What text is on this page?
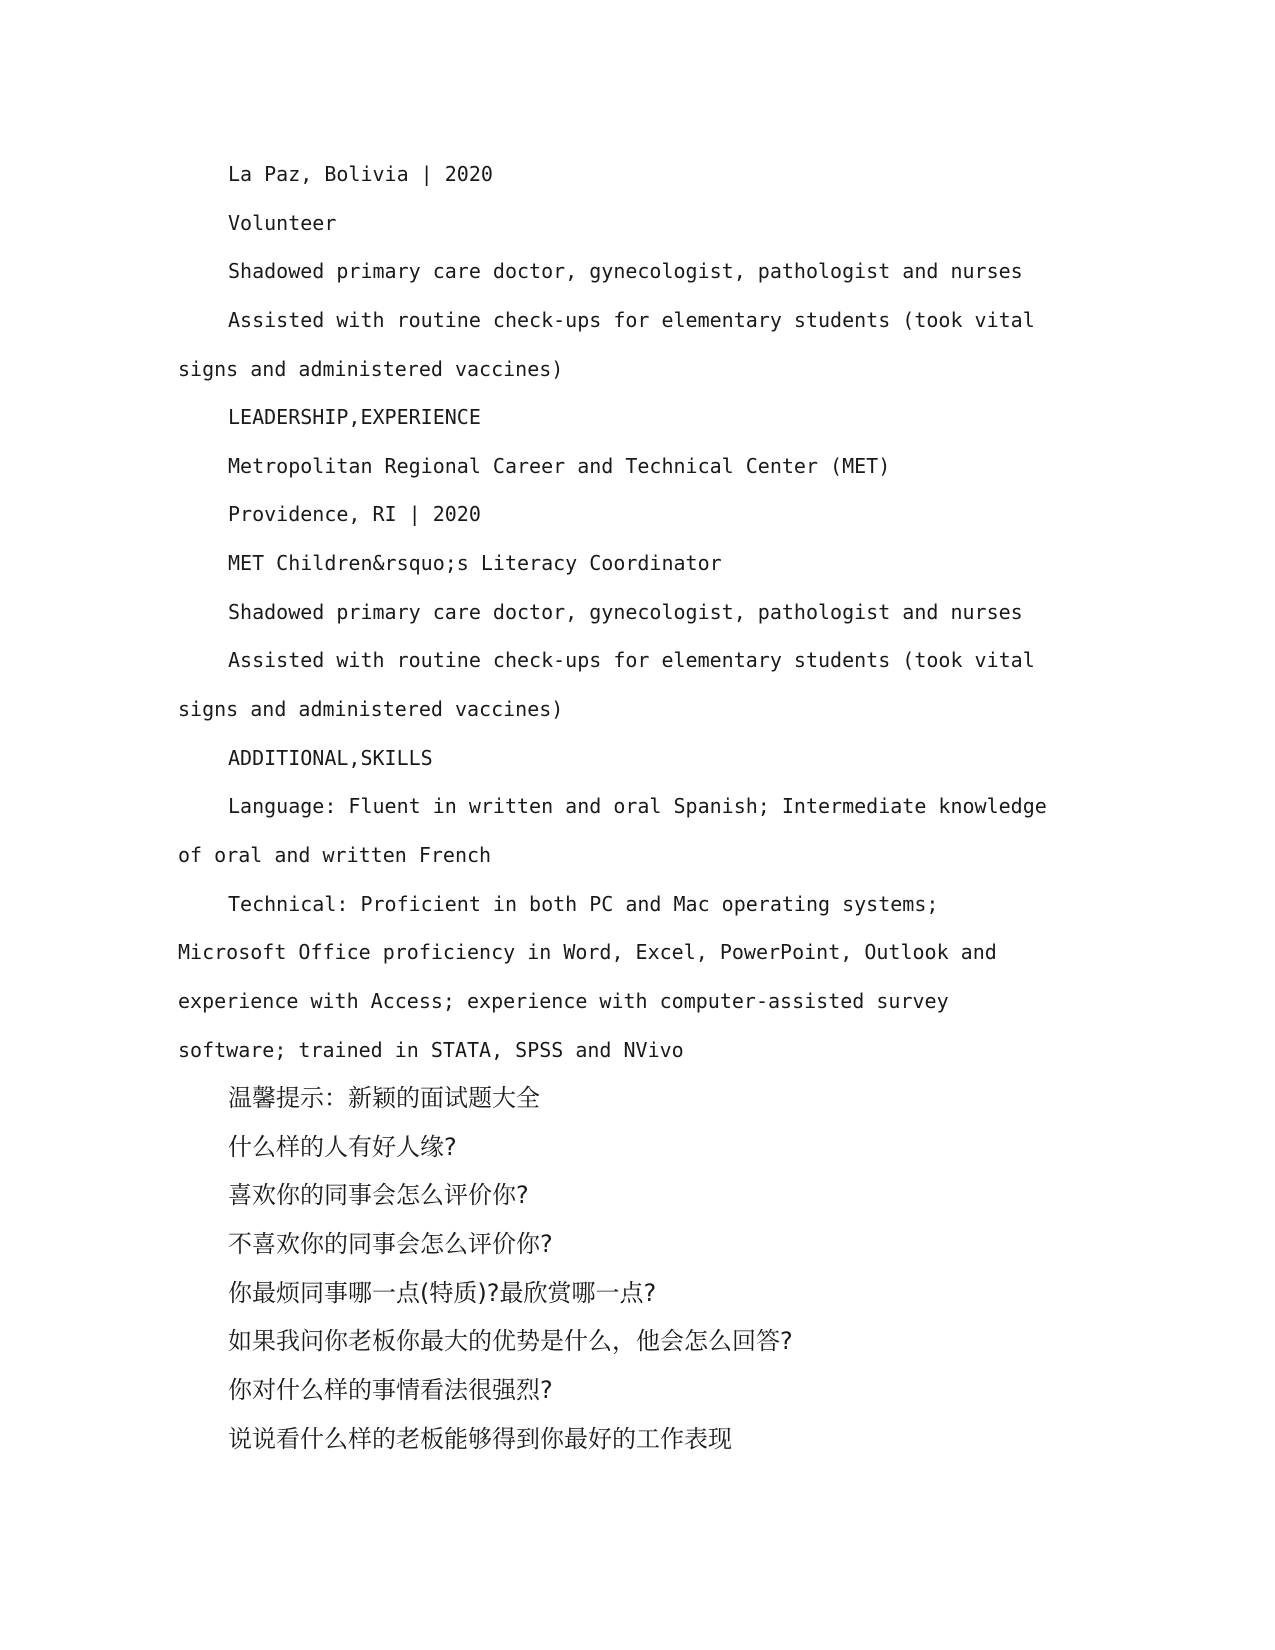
La Paz, Bolivia | 2020
Volunteer
Shadowed primary care doctor, gynecologist, pathologist and nurses
Assisted with routine check-ups for elementary students (took vital
signs and administered vaccines)
LEADERSHIP,EXPERIENCE
Metropolitan Regional Career and Technical Center (MET)
Providence, RI | 2020
MET Children&rsquo;s Literacy Coordinator
Shadowed primary care doctor, gynecologist, pathologist and nurses
Assisted with routine check-ups for elementary students (took vital
signs and administered vaccines)
ADDITIONAL,SKILLS
Language: Fluent in written and oral Spanish; Intermediate knowledge
of oral and written French
Technical: Proficient in both PC and Mac operating systems;
Microsoft Office proficiency in Word, Excel, PowerPoint, Outlook and
experience with Access; experience with computer-assisted survey
software; trained in STATA, SPSS and NVivo
温馨提示：新颖的面试题大全
什么样的人有好人缘?
喜欢你的同事会怎么评价你?
不喜欢你的同事会怎么评价你?
你最烦同事哪一点(特质)?最欣赏哪一点?
如果我问你老板你最大的优势是什么，他会怎么回答?
你对什么样的事情看法很强烈?
说说看什么样的老板能够得到你最好的工作表现
